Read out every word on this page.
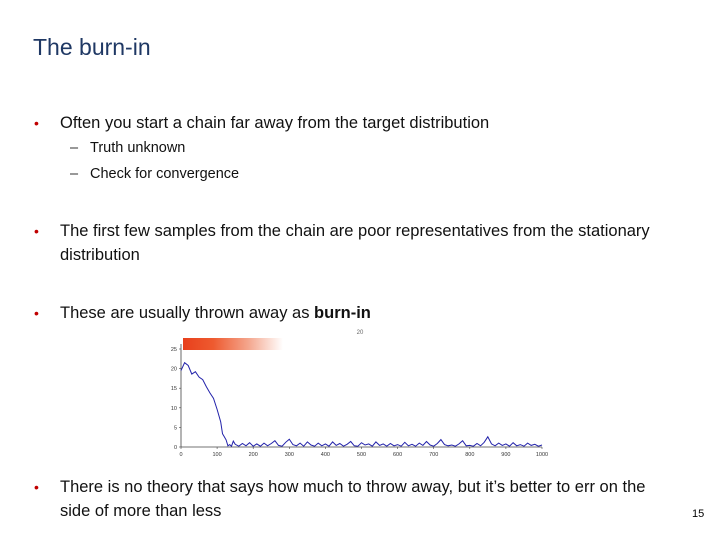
The burn-in
• Often you start a chain far away from the target distribution
– Truth unknown
– Check for convergence
• The first few samples from the chain are poor representatives from the stationary distribution
• These are usually thrown away as burn-in
20
0
5
10
15
20
25
0	100	200	300	400	500	600	700	800	900	1000
• There is no theory that says how much to throw away, but it’s better to err on the side of more than less	15
